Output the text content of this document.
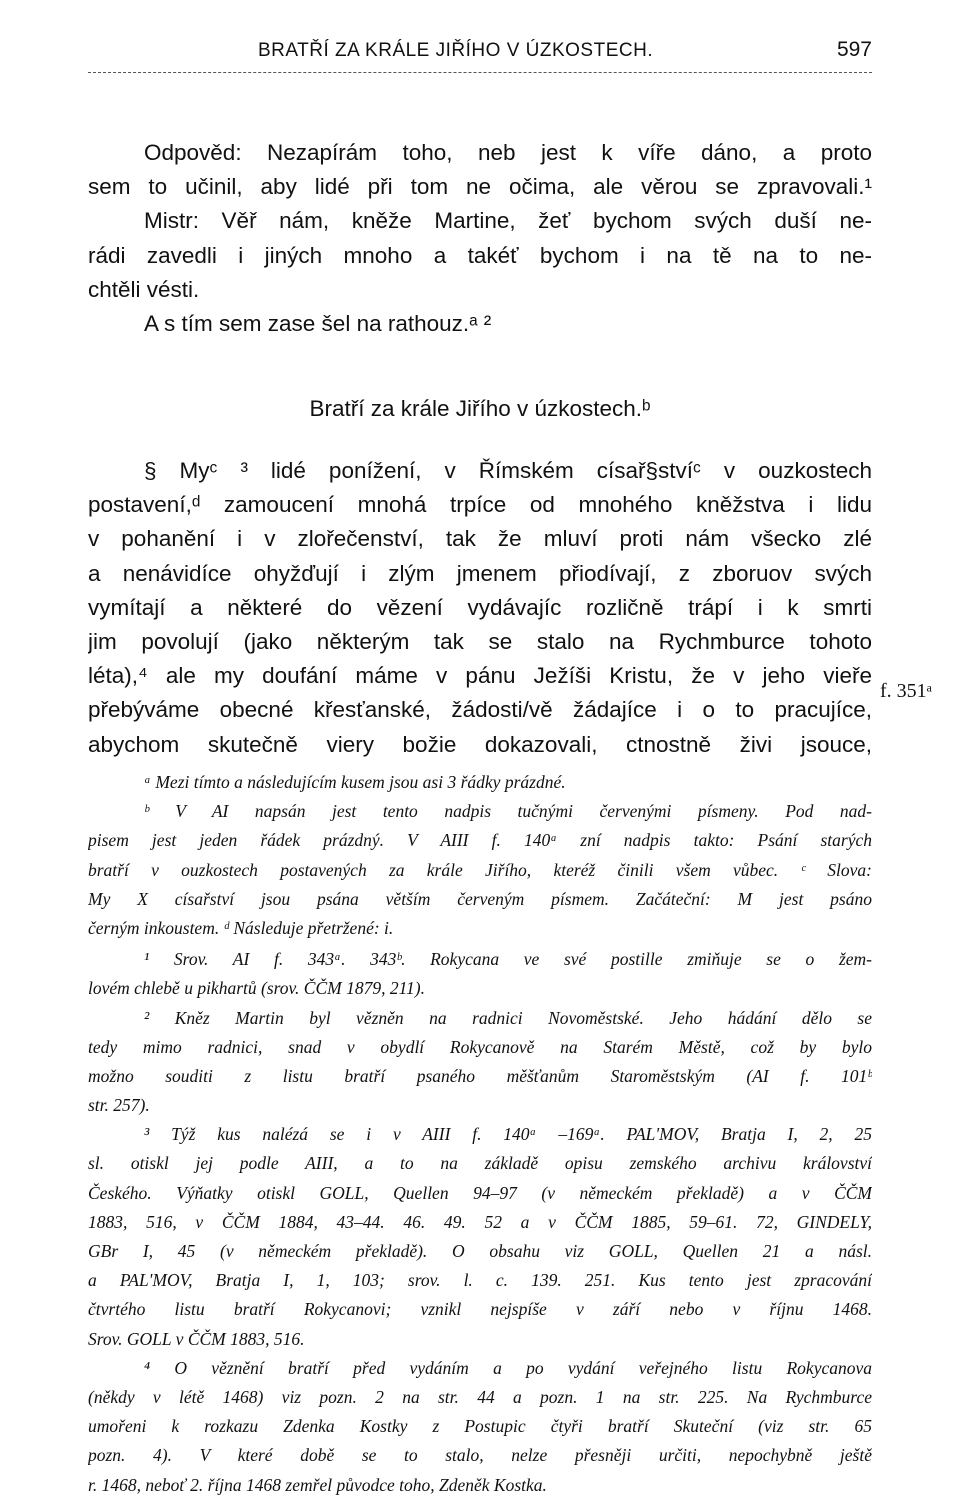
BRATŘÍ ZA KRÁLE JIŘÍHO V ÚZKOSTECH.	597
Odpověd: Nezapírám toho, neb jest k víře dáno, a proto
sem to učinil, aby lidé při tom ne očima, ale věrou se zpravovali.¹
Mistr: Věř nám, kněže Martine, žeť bychom svých duší ne-
rádi zavedli i jiných mnoho a takéť bychom i na tě na to ne-
chtěli vésti.
A s tím sem zase šel na rathouz.ᵃ ²
Bratří za krále Jiřího v úzkostech.ᵇ
§ Myᶜ ³ lidé ponížení, v Římském císař§stvíᶜ v ouzkostech
postavení,ᵈ zamoucení mnohá trpíce od mnohého kněžstva i lidu
v pohanění i v zlořečenství, tak že mluví proti nám všecko zlé
a nenávidíce ohyžďují i zlým jmenem přiodívají, z zboruov svých
vymítají a některé do vězení vydávajíc rozličně trápí i k smrti
jim povolují (jako některým tak se stalo na Rychmburce tohoto
léta),⁴ ale my doufání máme v pánu Ježíši Kristu, že v jeho vieře
přebýváme obecné křesťanské, žádosti/vě žádajíce i o to pracujíce,
abychom skutečně viery božie dokazovali, ctnostně živi jsouce,
f. 351ᵃ
ᵃ Mezi tímto a následujícím kusem jsou asi 3 řádky prázdné.
ᵇ V AI napsán jest tento nadpis tučnými červenými písmeny. Pod nad-
pisem jest jeden řádek prázdný. V AIII f. 140ᵃ zní nadpis takto: Psání starých
bratří v ouzkostech postavených za krále Jiřího, kteréž činili všem vůbec. ᶜ Slova:
My X císařství jsou psána větším červeným písmem. Začáteční: M jest psáno
černým inkoustem. ᵈ Následuje přetržené: i.
¹ Srov. AI f. 343ᵃ. 343ᵇ. Rokycana ve své postille zmiňuje se o žem-
lovém chlebě u pikhartů (srov. ČČM 1879, 211).
² Kněz Martin byl vězněn na radnici Novoměstské. Jeho hádání dělo se
tedy mimo radnici, snad v obydlí Rokycanově na Starém Městě, což by bylo
možno souditi z listu bratří psaného měšťanům Staroměstským (AI f. 101ᵇ
str. 257).
³ Týž kus nalézá se i v AIII f. 140ᵃ –169ᵃ. PAL'MOV, Bratja I, 2, 25
sl. otiskl jej podle AIII, a to na základě opisu zemského archivu království
Českého. Výňatky otiskl GOLL, Quellen 94–97 (v německém překladě) a v ČČM
1883, 516, v ČČM 1884, 43–44. 46. 49. 52 a v ČČM 1885, 59–61. 72, GINDELY,
GBr I, 45 (v německém překladě). O obsahu viz GOLL, Quellen 21 a násl.
a PAL'MOV, Bratja I, 1, 103; srov. l. c. 139. 251. Kus tento jest zpracování
čtvrtého listu bratří Rokycanovi; vznikl nejspíše v září nebo v říjnu 1468.
Srov. GOLL v ČČM 1883, 516.
⁴ O věznění bratří před vydáním a po vydání veřejného listu Rokycanova
(někdy v létě 1468) viz pozn. 2 na str. 44 a pozn. 1 na str. 225. Na Rychmburce
umořeni k rozkazu Zdenka Kostky z Postupic čtyři bratří Skuteční (viz str. 65
pozn. 4). V které době se to stalo, nelze přesněji určiti, nepochybně ještě
r. 1468, neboť 2. října 1468 zemřel původce toho, Zdeněk Kostka.
